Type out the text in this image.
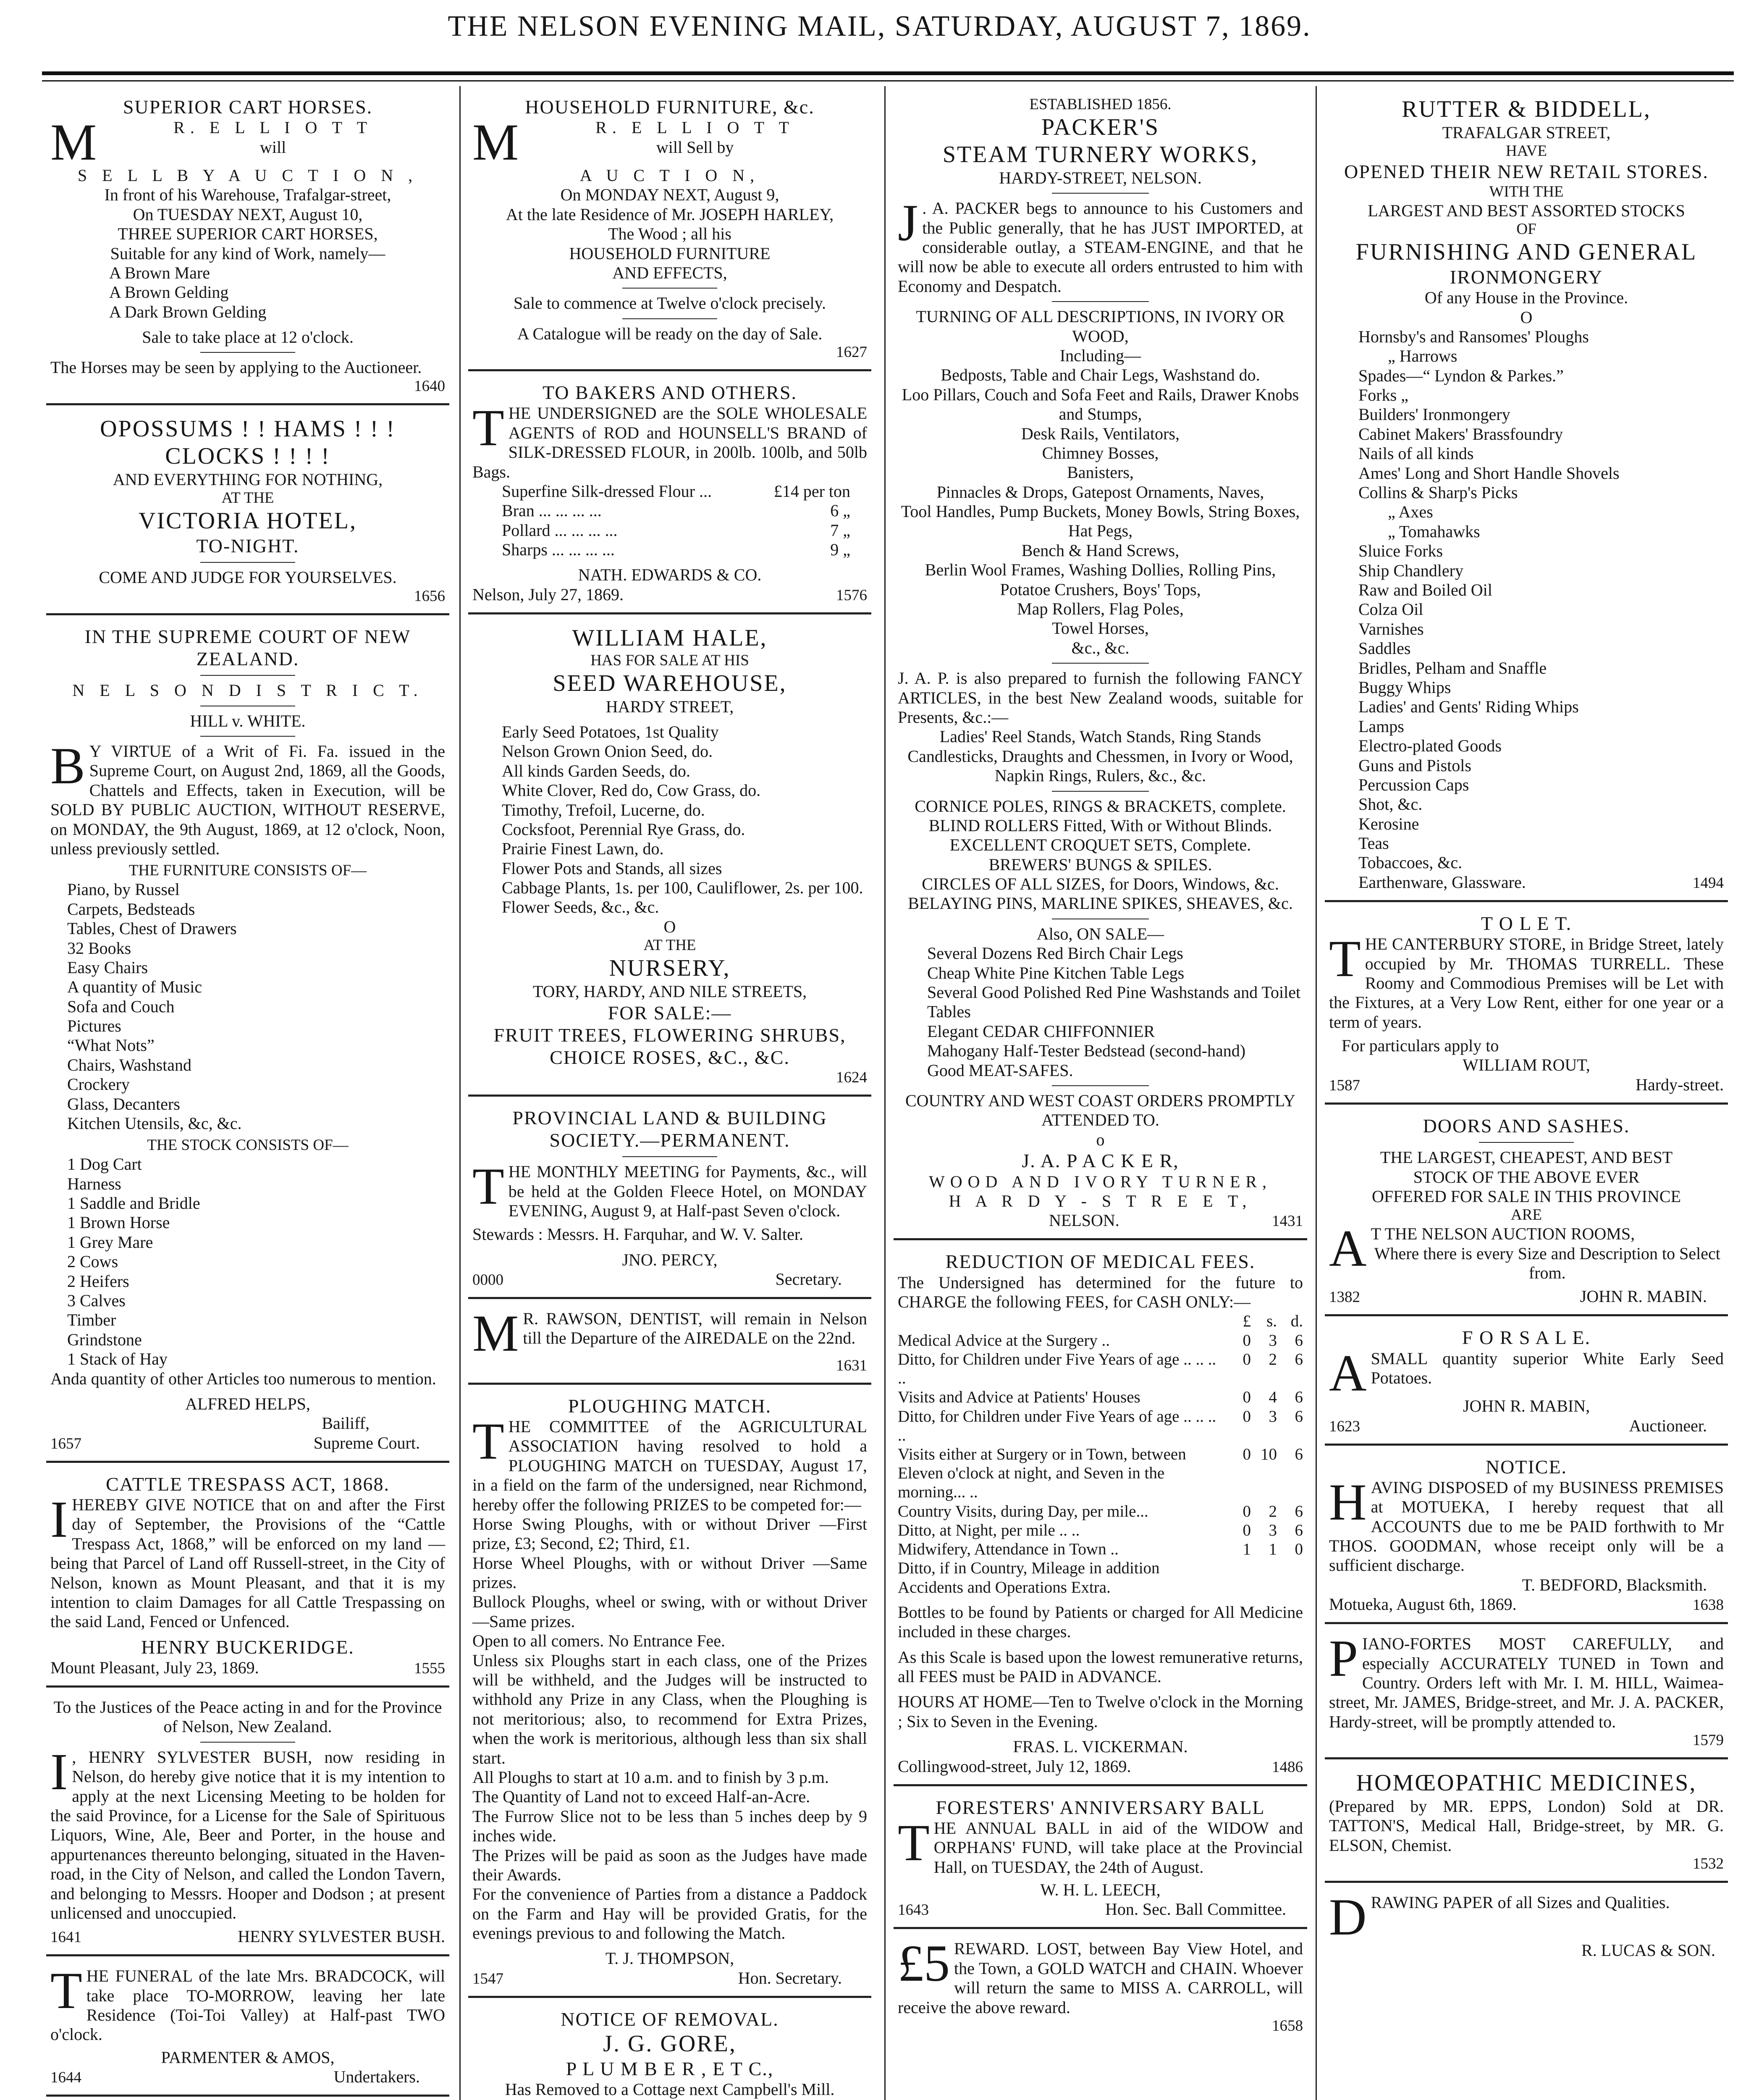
THE NELSON EVENING MAIL, SATURDAY, AUGUST 7, 1869.
SUPERIOR CART HORSES.
M	R. E L L I O T T
will
S E L L B Y A U C T I O N ,
In front of his Warehouse, Trafalgar-street,
On TUESDAY NEXT, August 10,
THREE SUPERIOR CART HORSES,
Suitable for any kind of Work, namely—
A Brown Mare
A Brown Gelding
A Dark Brown Gelding
Sale to take place at 12 o'clock.
The Horses may be seen by applying to the Auctioneer.
1640
OPOSSUMS ! ! HAMS ! ! !
CLOCKS ! ! ! !
AND EVERYTHING FOR NOTHING,
AT THE
VICTORIA HOTEL,
TO-NIGHT.
COME AND JUDGE FOR YOURSELVES.
1656
IN THE SUPREME COURT OF NEW ZEALAND.
N E L S O N D I S T R I C T.
HILL v. WHITE.
B Y VIRTUE of a Writ of Fi. Fa. issued in the Supreme Court, on August 2nd, 1869, all the Goods, Chattels and Effects, taken in Execution, will be SOLD BY PUBLIC AUCTION, WITHOUT RESERVE, on MONDAY, the 9th August, 1869, at 12 o'clock, Noon, unless previously settled.
THE FURNITURE CONSISTS OF—
Piano, by Russel
Carpets, Bedsteads
Tables, Chest of Drawers
32 Books
Easy Chairs
A quantity of Music
Sofa and Couch
Pictures
“What Nots”
Chairs, Washstand
Crockery
Glass, Decanters
Kitchen Utensils, &c, &c.
THE STOCK CONSISTS OF—
1 Dog Cart
Harness
1 Saddle and Bridle
1 Brown Horse
1 Grey Mare
2 Cows
2 Heifers
3 Calves
Timber
Grindstone
1 Stack of Hay
Anda quantity of other Articles too numerous to mention.
ALFRED HELPS,
Bailiff,
1657	Supreme Court.
CATTLE TRESPASS ACT, 1868.
IHEREBY GIVE NOTICE that on and after the First day of September, the Provisions of the “Cattle Trespass Act, 1868,” will be enforced on my land — being that Parcel of Land off Russell-street, in the City of Nelson, known as Mount Pleasant, and that it is my intention to claim Damages for all Cattle Trespassing on the said Land, Fenced or Unfenced.
HENRY BUCKERIDGE.
Mount Pleasant, July 23, 1869.	1555
To the Justices of the Peace acting in and for the Province of Nelson, New Zealand.
I , HENRY SYLVESTER BUSH, now residing in Nelson, do hereby give notice that it is my intention to apply at the next Licensing Meeting to be holden for the said Province, for a License for the Sale of Spirituous Liquors, Wine, Ale, Beer and Porter, in the house and appurtenances thereunto belonging, situated in the Haven-road, in the City of Nelson, and called the London Tavern, and belonging to Messrs. Hooper and Dodson ; at present unlicensed and unoccupied.
1641	HENRY SYLVESTER BUSH.
THE FUNERAL of the late Mrs. BRADCOCK, will take place TO-MORROW, leaving her late Residence (Toi-Toi Valley) at Half-past TWO o'clock.
PARMENTER & AMOS,
1644	Undertakers.
HOUSEHOLD FURNITURE, &c.
M	R. E L L I O T T
will Sell by
A U C T I O N,
On MONDAY NEXT, August 9,
At the late Residence of Mr. JOSEPH HARLEY,
The Wood ; all his
HOUSEHOLD FURNITURE
AND EFFECTS,
Sale to commence at Twelve o'clock precisely.
A Catalogue will be ready on the day of Sale.
1627
TO BAKERS AND OTHERS.
THE UNDERSIGNED are the SOLE WHOLESALE AGENTS of ROD and HOUNSELL'S BRAND of SILK-DRESSED FLOUR, in 200lb. 100lb, and 50lb Bags.
Superfine Silk-dressed Flour ...	£14 per ton
Bran ... ... ... ...	6 „
Pollard ... ... ... ...	7 „
Sharps ... ... ... ...	9 „
NATH. EDWARDS & CO.
Nelson, July 27, 1869.	1576
WILLIAM HALE,
HAS FOR SALE AT HIS
SEED WAREHOUSE,
HARDY STREET,
Early Seed Potatoes, 1st Quality
Nelson Grown Onion Seed, do.
All kinds Garden Seeds, do.
White Clover, Red do, Cow Grass, do.
Timothy, Trefoil, Lucerne, do.
Cocksfoot, Perennial Rye Grass, do.
Prairie Finest Lawn, do.
Flower Pots and Stands, all sizes
Cabbage Plants, 1s. per 100, Cauliflower, 2s. per 100.
Flower Seeds, &c., &c.
O
AT THE
NURSERY,
TORY, HARDY, AND NILE STREETS,
FOR SALE:—
FRUIT TREES, FLOWERING SHRUBS,
CHOICE ROSES, &C., &C.
1624
PROVINCIAL LAND & BUILDING SOCIETY.—PERMANENT.
THE MONTHLY MEETING for Payments, &c., will be held at the Golden Fleece Hotel, on MONDAY EVENING, August 9, at Half-past Seven o'clock.
Stewards : Messrs. H. Farquhar, and W. V. Salter.
JNO. PERCY,
0000	Secretary.
M R. RAWSON, DENTIST, will remain in Nelson till the Departure of the AIREDALE on the 22nd.
1631
PLOUGHING MATCH.
THE COMMITTEE of the AGRICULTURAL ASSOCIATION having resolved to hold a PLOUGHING MATCH on TUESDAY, August 17, in a field on the farm of the undersigned, near Richmond, hereby offer the following PRIZES to be competed for:—
Horse Swing Ploughs, with or without Driver —First prize, £3; Second, £2; Third, £1.
Horse Wheel Ploughs, with or without Driver —Same prizes.
Bullock Ploughs, wheel or swing, with or without Driver—Same prizes.
Open to all comers. No Entrance Fee.
Unless six Ploughs start in each class, one of the Prizes will be withheld, and the Judges will be instructed to withhold any Prize in any Class, when the Ploughing is not meritorious; also, to recommend for Extra Prizes, when the work is meritorious, although less than six shall start.
All Ploughs to start at 10 a.m. and to finish by 3 p.m.
The Quantity of Land not to exceed Half-an-Acre.
The Furrow Slice not to be less than 5 inches deep by 9 inches wide.
The Prizes will be paid as soon as the Judges have made their Awards.
For the convenience of Parties from a distance a Paddock on the Farm and Hay will be provided Gratis, for the evenings previous to and following the Match.
T. J. THOMPSON,
1547	Hon. Secretary.
NOTICE OF REMOVAL.
J. G. GORE,
P L U M B E R , E T C.,
Has Removed to a Cottage next Campbell's Mill.
ESTABLISHED 1856.
PACKER'S
STEAM TURNERY WORKS,
HARDY-STREET, NELSON.
J . A. PACKER begs to announce to his Customers and the Public generally, that he has JUST IMPORTED, at considerable outlay, a STEAM-ENGINE, and that he will now be able to execute all orders entrusted to him with Economy and Despatch.
TURNING OF ALL DESCRIPTIONS, IN IVORY OR WOOD,
Including—
Bedposts, Table and Chair Legs, Washstand do.
Loo Pillars, Couch and Sofa Feet and Rails, Drawer Knobs and Stumps,
Desk Rails, Ventilators,
Chimney Bosses,
Banisters,
Pinnacles & Drops, Gatepost Ornaments, Naves,
Tool Handles, Pump Buckets, Money Bowls, String Boxes, Hat Pegs,
Bench & Hand Screws,
Berlin Wool Frames, Washing Dollies, Rolling Pins, Potatoe Crushers, Boys' Tops,
Map Rollers, Flag Poles,
Towel Horses,
&c., &c.
J. A. P. is also prepared to furnish the following FANCY ARTICLES, in the best New Zealand woods, suitable for Presents, &c.:—
Ladies' Reel Stands, Watch Stands, Ring Stands Candlesticks, Draughts and Chessmen, in Ivory or Wood, Napkin Rings, Rulers, &c., &c.
CORNICE POLES, RINGS & BRACKETS, complete.
BLIND ROLLERS Fitted, With or Without Blinds.
EXCELLENT CROQUET SETS, Complete.
BREWERS' BUNGS & SPILES.
CIRCLES OF ALL SIZES, for Doors, Windows, &c.
BELAYING PINS, MARLINE SPIKES, SHEAVES, &c.
Also, ON SALE—
Several Dozens Red Birch Chair Legs
Cheap White Pine Kitchen Table Legs
Several Good Polished Red Pine Washstands and Toilet Tables
Elegant CEDAR CHIFFONNIER
Mahogany Half-Tester Bedstead (second-hand)
Good MEAT-SAFES.
COUNTRY AND WEST COAST ORDERS PROMPTLY ATTENDED TO.
o
J. A. P A C K E R,
WOOD AND IVORY TURNER,
H A R D Y - S T R E E T,
NELSON.	1431
REDUCTION OF MEDICAL FEES.
The Undersigned has determined for the future to CHARGE the following FEES, for CASH ONLY:—
	£	s.	d.
Medical Advice at the Surgery ..	0	3	6
Ditto, for Children under Five Years of age .. .. .. ..	0	2	6
Visits and Advice at Patients' Houses	0	4	6
Ditto, for Children under Five Years of age .. .. .. ..	0	3	6
Visits either at Surgery or in Town, between Eleven o'clock at night, and Seven in the morning... ..	0	10	6
Country Visits, during Day, per mile...	0	2	6
Ditto, at Night, per mile .. ..	0	3	6
Midwifery, Attendance in Town ..	1	1	0
Ditto, if in Country, Mileage in addition			
Accidents and Operations Extra.			
Bottles to be found by Patients or charged for All Medicine included in these charges.
As this Scale is based upon the lowest remunerative returns, all FEES must be PAID in ADVANCE.
HOURS AT HOME—Ten to Twelve o'clock in the Morning ; Six to Seven in the Evening.
FRAS. L. VICKERMAN.
Collingwood-street, July 12, 1869.	1486
FORESTERS' ANNIVERSARY BALL
THE ANNUAL BALL in aid of the WIDOW and ORPHANS' FUND, will take place at the Provincial Hall, on TUESDAY, the 24th of August.
W. H. L. LEECH,
1643	Hon. Sec. Ball Committee.
£5 REWARD. LOST, between Bay View Hotel, and the Town, a GOLD WATCH and CHAIN. Whoever will return the same to MISS A. CARROLL, will receive the above reward.
1658
RUTTER & BIDDELL,
TRAFALGAR STREET,
HAVE
OPENED THEIR NEW RETAIL STORES.
WITH THE
LARGEST AND BEST ASSORTED STOCKS
OF
FURNISHING AND GENERAL
IRONMONGERY
Of any House in the Province.
O
Hornsby's and Ransomes' Ploughs
„ Harrows
Spades—“ Lyndon & Parkes.”
Forks „
Builders' Ironmongery
Cabinet Makers' Brassfoundry
Nails of all kinds
Ames' Long and Short Handle Shovels
Collins & Sharp's Picks
„ Axes
„ Tomahawks
Sluice Forks
Ship Chandlery
Raw and Boiled Oil
Colza Oil
Varnishes
Saddles
Bridles, Pelham and Snaffle
Buggy Whips
Ladies' and Gents' Riding Whips
Lamps
Electro-plated Goods
Guns and Pistols
Percussion Caps
Shot, &c.
Kerosine
Teas
Tobaccoes, &c.
Earthenware, Glassware.	1494
T O L E T.
THE CANTERBURY STORE, in Bridge Street, lately occupied by Mr. THOMAS TURRELL. These Roomy and Commodious Premises will be Let with the Fixtures, at a Very Low Rent, either for one year or a term of years.
For particulars apply to
WILLIAM ROUT,
1587	Hardy-street.
DOORS AND SASHES.
THE LARGEST, CHEAPEST, AND BEST
STOCK OF THE ABOVE EVER
OFFERED FOR SALE IN THIS PROVINCE
ARE
A T THE NELSON AUCTION ROOMS,
Where there is every Size and Description to Select from.
1382	JOHN R. MABIN.
F O R S A L E.
ASMALL quantity superior White Early Seed Potatoes.
JOHN R. MABIN,
1623	Auctioneer.
NOTICE.
HAVING DISPOSED of my BUSINESS PREMISES at MOTUEKA, I hereby request that all ACCOUNTS due to me be PAID forthwith to Mr THOS. GOODMAN, whose receipt only will be a sufficient discharge.
T. BEDFORD, Blacksmith.
Motueka, August 6th, 1869.	1638
PIANO-FORTES MOST CAREFULLY, and especially ACCURATELY TUNED in Town and Country. Orders left with Mr. I. M. HILL, Waimea-street, Mr. JAMES, Bridge-street, and Mr. J. A. PACKER, Hardy-street, will be promptly attended to.
1579
HOMŒOPATHIC MEDICINES,
(Prepared by MR. EPPS, London) Sold at DR. TATTON'S, Medical Hall, Bridge-street, by MR. G. ELSON, Chemist.
1532
DRAWING PAPER of all Sizes and Qualities.
R. LUCAS & SON.
